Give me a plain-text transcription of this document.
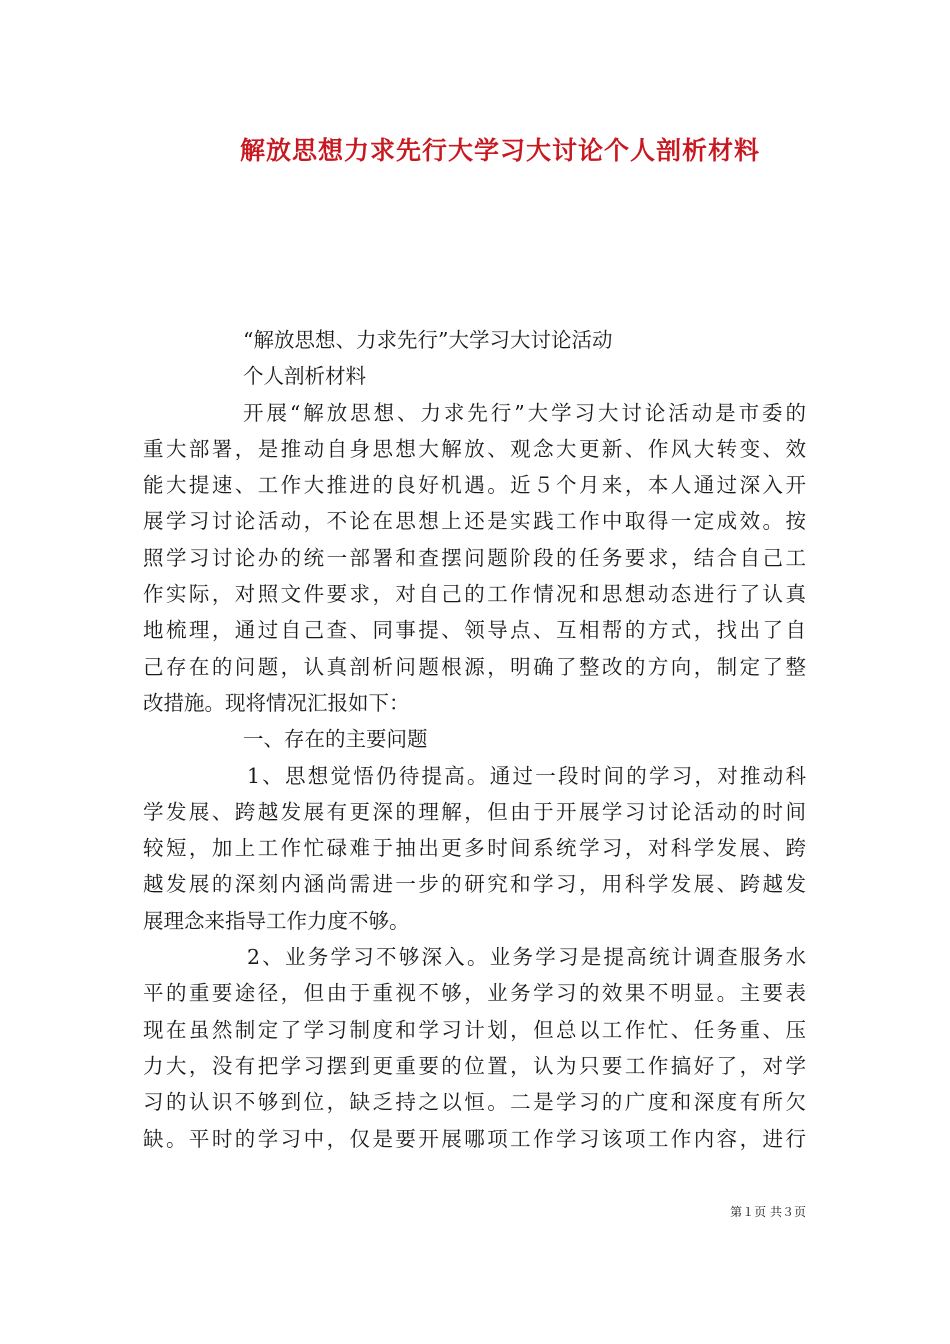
解放思想力求先行大学习大讨论个人剖析材料
“解放思想、力求先行”大学习大讨论活动
个人剖析材料
开展“解放思想、力求先行”大学习大讨论活动是市委的
重大部署，是推动自身思想大解放、观念大更新、作风大转变、效
能大提速、工作大推进的良好机遇。近５个月来，本人通过深入开
展学习讨论活动，不论在思想上还是实践工作中取得一定成效。按
照学习讨论办的统一部署和查摆问题阶段的任务要求，结合自己工
作实际，对照文件要求，对自己的工作情况和思想动态进行了认真
地梳理，通过自己查、同事提、领导点、互相帮的方式，找出了自
己存在的问题，认真剖析问题根源，明确了整改的方向，制定了整
改措施。现将情况汇报如下：
一、存在的主要问题
1、思想觉悟仍待提高。通过一段时间的学习，对推动科
学发展、跨越发展有更深的理解，但由于开展学习讨论活动的时间
较短，加上工作忙碌难于抽出更多时间系统学习，对科学发展、跨
越发展的深刻内涵尚需进一步的研究和学习，用科学发展、跨越发
展理念来指导工作力度不够。
2、业务学习不够深入。业务学习是提高统计调查服务水
平的重要途径，但由于重视不够，业务学习的效果不明显。主要表
现在虽然制定了学习制度和学习计划，但总以工作忙、任务重、压
力大，没有把学习摆到更重要的位置，认为只要工作搞好了，对学
习的认识不够到位，缺乏持之以恒。二是学习的广度和深度有所欠
缺。平时的学习中，仅是要开展哪项工作学习该项工作内容，进行
第１页 共３页
